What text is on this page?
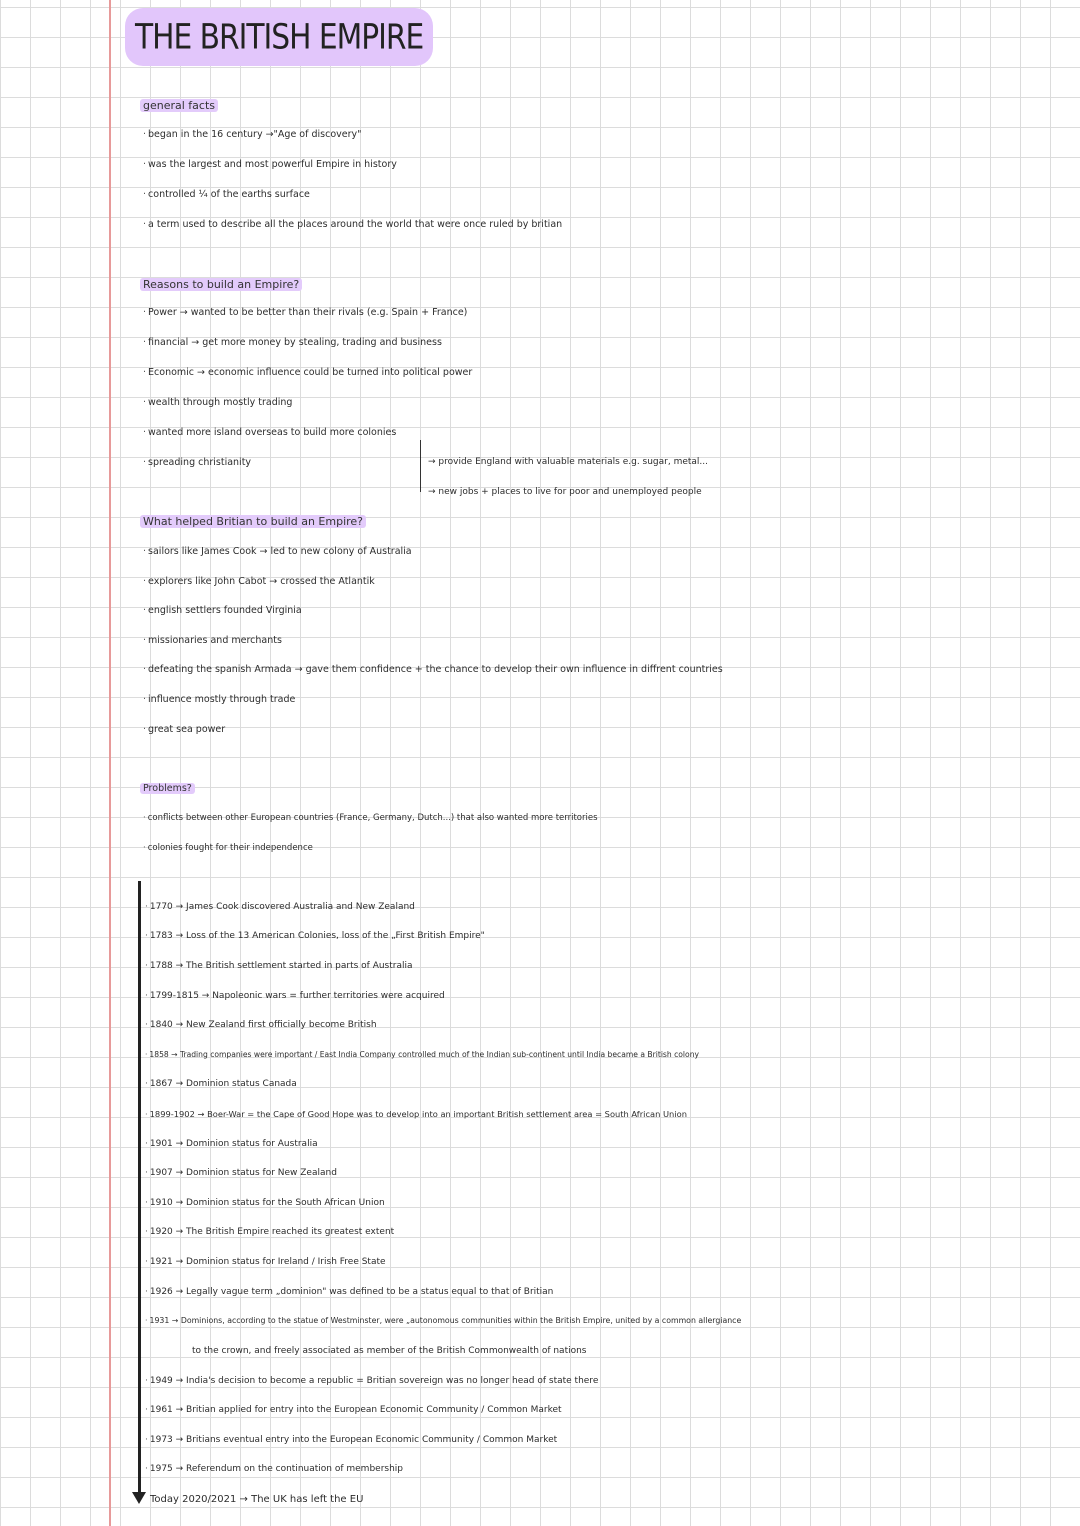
THE BRITISH EMPIRE
general facts
· began in the 16 century →"Age of discovery"
· was the largest and most powerful Empire in history
· controlled ¼ of the earths surface
· a term used to describe all the places around the world that were once ruled by britian
Reasons to build an Empire?
· Power → wanted to be better than their rivals (e.g. Spain + France)
· financial → get more money by stealing, trading and business
· Economic → economic influence could be turned into political power
· wealth through mostly trading
· wanted more island overseas to build more colonies
· spreading christianity	→ provide England with valuable materials e.g. sugar, metal...
→ new jobs + places to live for poor and unemployed people
What helped Britian to build an Empire?
· sailors like James Cook → led to new colony of Australia
· explorers like John Cabot → crossed the Atlantik
· english settlers founded Virginia
· missionaries and merchants
· defeating the spanish Armada → gave them confidence + the chance to develop their own influence in diffrent countries
· influence mostly through trade
· great sea power
Problems?
· conflicts between other European countries (France, Germany, Dutch...) that also wanted more territories
· colonies fought for their independence
· 1770 → James Cook discovered Australia and New Zealand
· 1783 → Loss of the 13 American Colonies, loss of the „First British Empire"
· 1788 → The British settlement started in parts of Australia
· 1799-1815 → Napoleonic wars = further territories were acquired
· 1840 → New Zealand first officially become British
· 1858 → Trading companies were important / East India Company controlled much of the Indian sub-continent until India became a British colony
· 1867 → Dominion status Canada
· 1899-1902 → Boer-War = the Cape of Good Hope was to develop into an important British settlement area = South African Union
· 1901 → Dominion status for Australia
· 1907 → Dominion status for New Zealand
· 1910 → Dominion status for the South African Union
· 1920 → The British Empire reached its greatest extent
· 1921 → Dominion status for Ireland / Irish Free State
· 1926 → Legally vague term „dominion" was defined to be a status equal to that of Britian
· 1931 → Dominions, according to the statue of Westminster, were „autonomous communities within the British Empire, united by a common allergiance
to the crown, and freely associated as member of the British Commonwealth of nations
· 1949 → India's decision to become a republic = Britian sovereign was no longer head of state there
· 1961 → Britian applied for entry into the European Economic Community / Common Market
· 1973 → Britians eventual entry into the European Economic Community / Common Market
· 1975 → Referendum on the continuation of membership
Today 2020/2021 → The UK has left the EU
